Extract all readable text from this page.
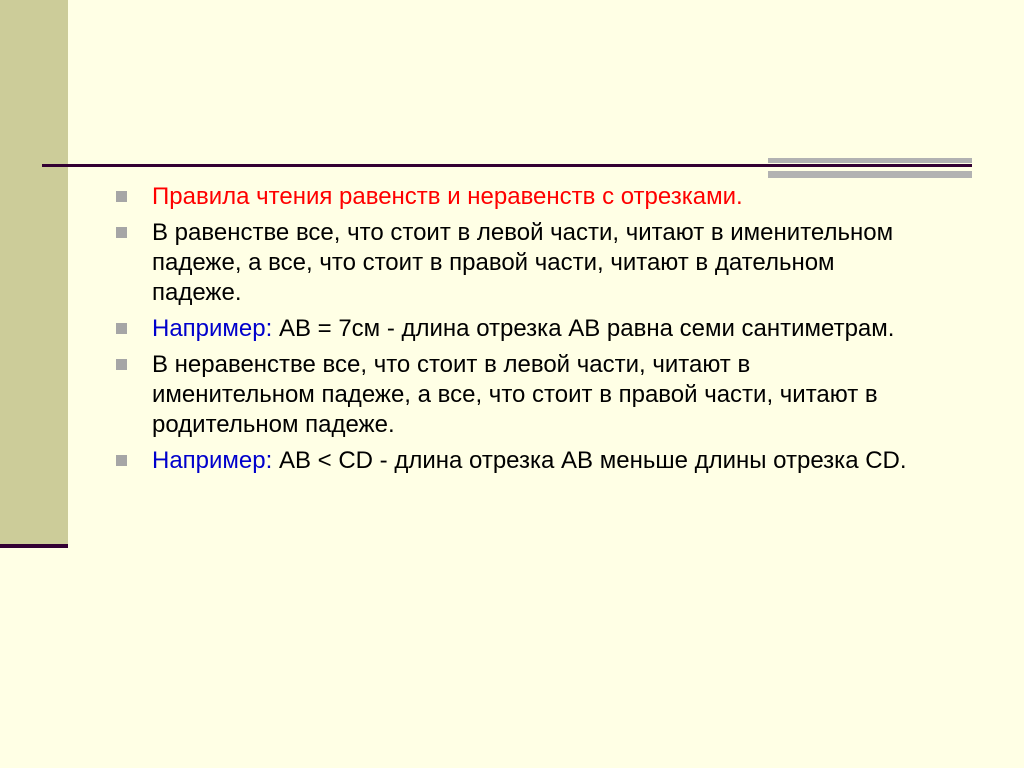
Правила чтения равенств и неравенств с отрезками.
В равенстве все, что стоит в левой части, читают в именительном падеже, а все, что стоит в правой части, читают в дательном падеже.
Например: АВ = 7см - длина отрезка АВ равна семи сантиметрам.
В неравенстве все, что стоит в левой части, читают в именительном падеже, а все, что стоит в правой части, читают в родительном падеже.
Например: АВ < СD - длина отрезка АВ меньше длины отрезка СD.
